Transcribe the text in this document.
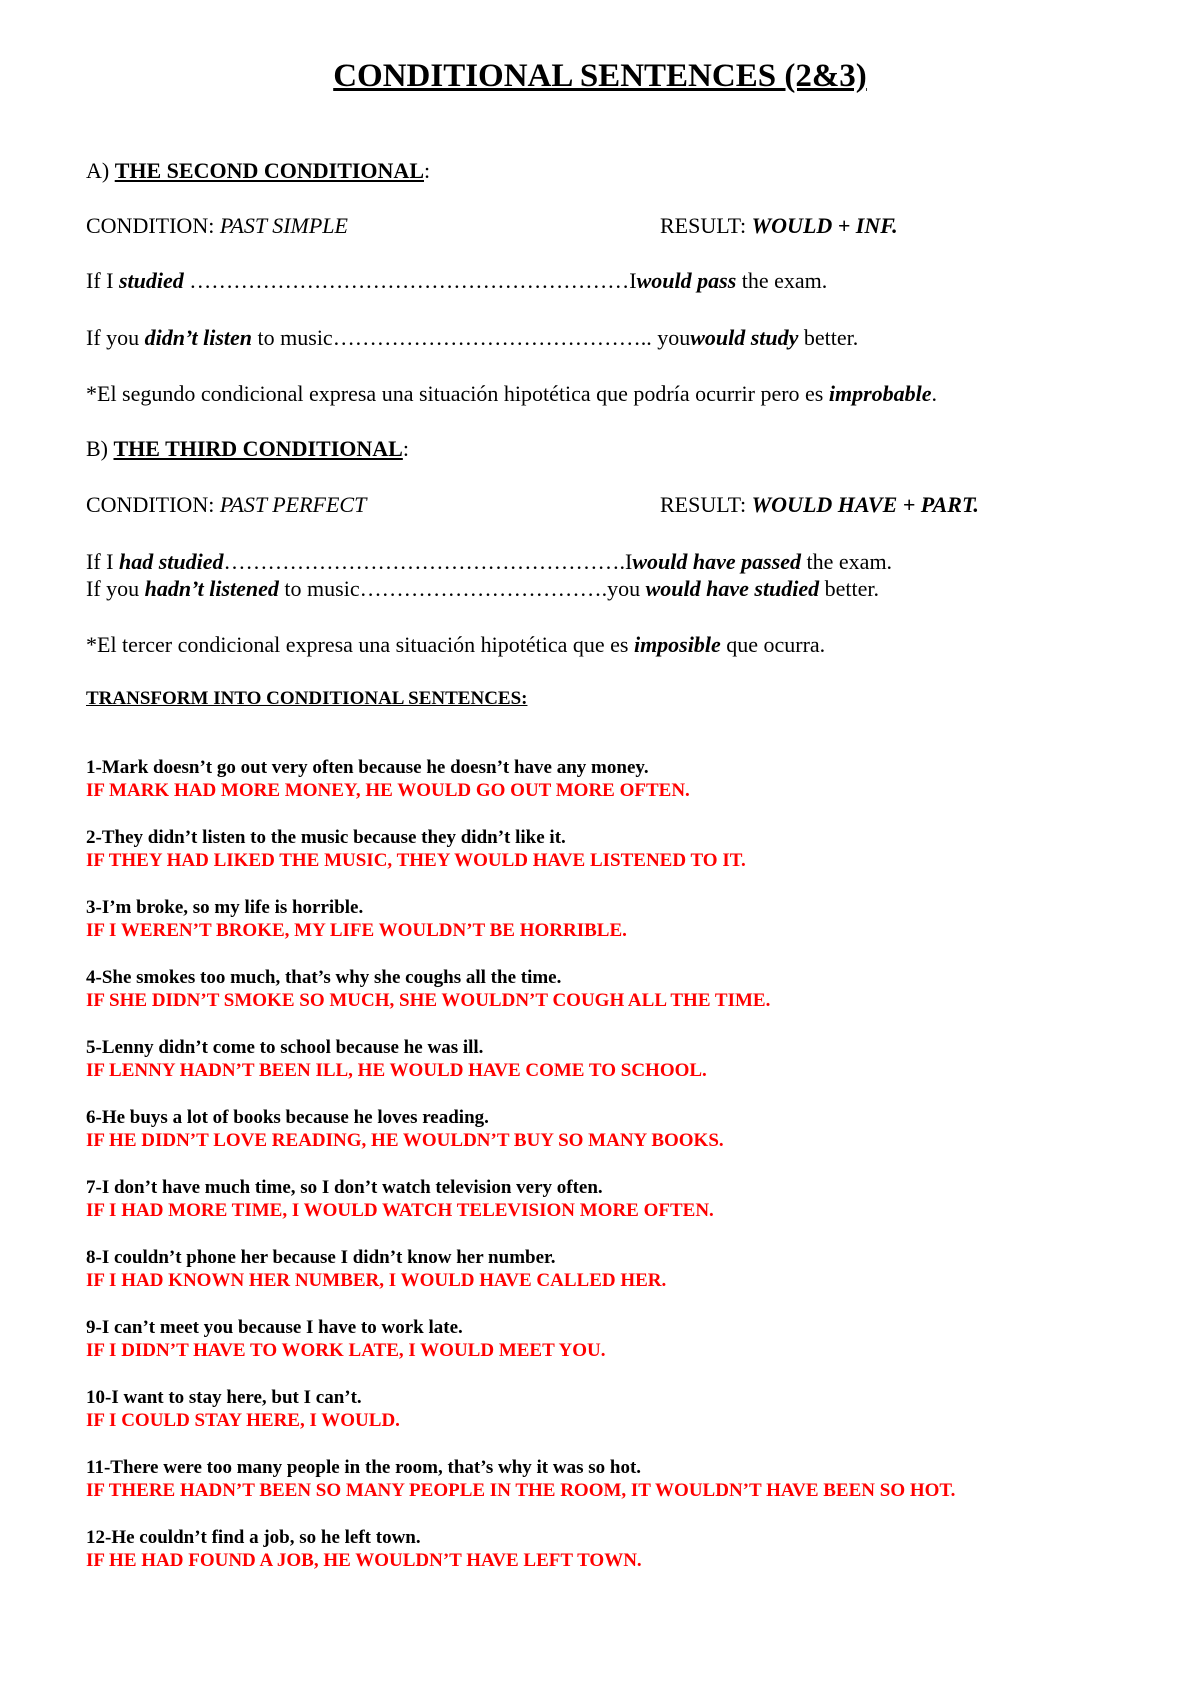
CONDITIONAL SENTENCES (2&3)
A) THE SECOND CONDITIONAL:
CONDITION: PAST SIMPLE	RESULT: WOULD + INF.
If I studied ……………………………………………………Iwould pass the exam.
If you didn’t listen to music…………………………………….. youwould study better.
*El segundo condicional expresa una situación hipotética que podría ocurrir pero es improbable.
B) THE THIRD CONDITIONAL:
CONDITION: PAST PERFECT	RESULT: WOULD HAVE + PART.
If I had studied……………………………………………….Iwould have passed the exam.
If you hadn’t listened to music…………………………….you would have studied better.
*El tercer condicional expresa una situación hipotética que es imposible que ocurra.
TRANSFORM INTO CONDITIONAL SENTENCES:
1-Mark doesn’t go out very often because he doesn’t have any money.
IF MARK HAD MORE MONEY, HE WOULD GO OUT MORE OFTEN.
2-They didn’t listen to the music because they didn’t like it.
IF THEY HAD LIKED THE MUSIC, THEY WOULD HAVE LISTENED TO IT.
3-I’m broke, so my life is horrible.
IF I WEREN’T BROKE, MY LIFE WOULDN’T BE HORRIBLE.
4-She smokes too much, that’s why she coughs all the time.
IF SHE DIDN’T SMOKE SO MUCH, SHE WOULDN’T COUGH ALL THE TIME.
5-Lenny didn’t come to school because he was ill.
IF LENNY HADN’T BEEN ILL, HE WOULD HAVE COME TO SCHOOL.
6-He buys a lot of books because he loves reading.
IF HE DIDN’T LOVE READING, HE WOULDN’T BUY SO MANY BOOKS.
7-I don’t have much time, so I don’t watch television very often.
IF I HAD MORE TIME, I WOULD WATCH TELEVISION MORE OFTEN.
8-I couldn’t phone her because I didn’t know her number.
IF I HAD KNOWN HER NUMBER, I WOULD HAVE CALLED HER.
9-I can’t meet you because I have to work late.
IF I DIDN’T HAVE TO WORK LATE, I WOULD MEET YOU.
10-I want to stay here, but I can’t.
IF I COULD STAY HERE, I WOULD.
11-There were too many people in the room, that’s why it was so hot.
IF THERE HADN’T BEEN SO MANY PEOPLE IN THE ROOM, IT WOULDN’T HAVE BEEN SO HOT.
12-He couldn’t find a job, so he left town.
IF HE HAD FOUND A JOB, HE WOULDN’T HAVE LEFT TOWN.
